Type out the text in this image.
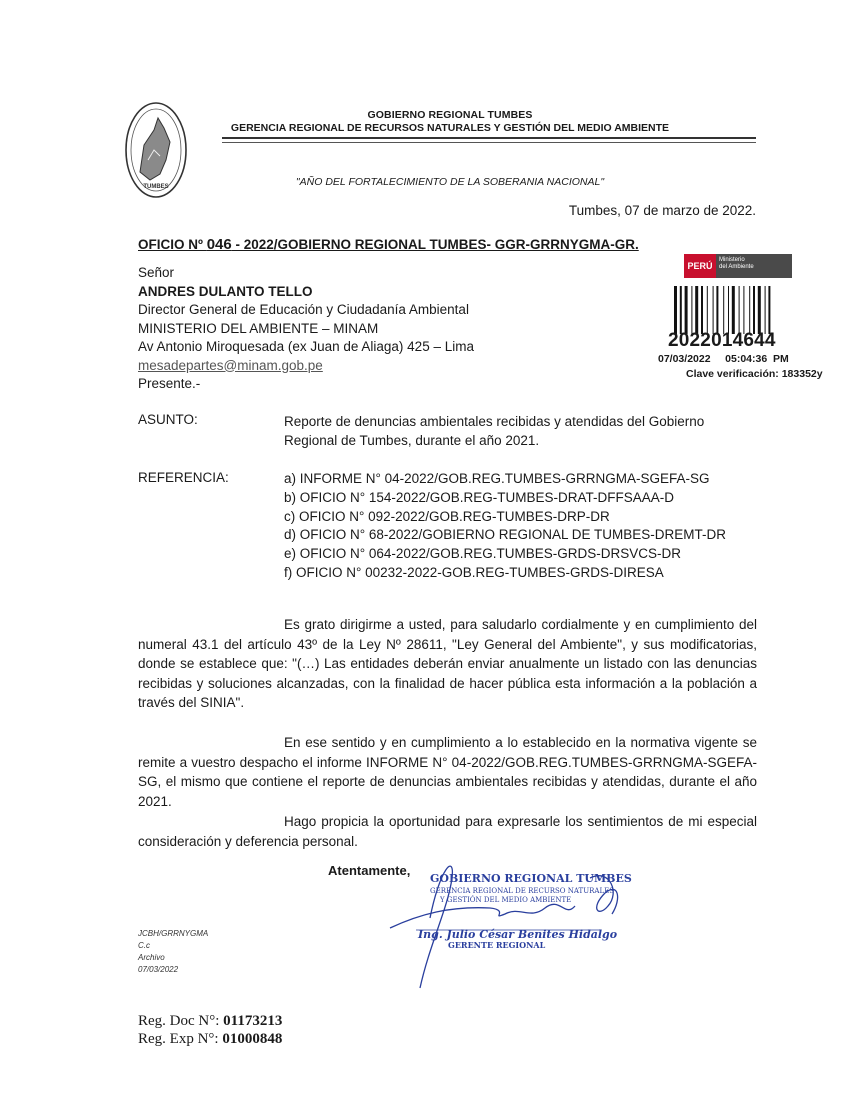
TUMBES
GOBIERNO REGIONAL TUMBES
GERENCIA REGIONAL DE RECURSOS NATURALES Y GESTIÓN DEL MEDIO AMBIENTE
"AÑO DEL FORTALECIMIENTO DE LA SOBERANIA NACIONAL"
Tumbes, 07 de marzo de 2022.
OFICIO Nº 046 - 2022/GOBIERNO REGIONAL TUMBES- GGR-GRRNYGMA-GR.
Señor
ANDRES DULANTO TELLO
Director General de Educación y Ciudadanía Ambiental
MINISTERIO DEL AMBIENTE – MINAM
Av Antonio Miroquesada (ex Juan de Aliaga) 425 – Lima
mesadepartes@minam.gob.pe
Presente.-
PERÚ
Ministerio
del Ambiente
2022014644
07/03/2022     05:04:36  PM
Clave verificación: 183352y
ASUNTO:	Reporte de denuncias ambientales recibidas y atendidas del Gobierno Regional de Tumbes, durante el año 2021.
REFERENCIA:	a) INFORME N° 04-2022/GOB.REG.TUMBES-GRRNGMA-SGEFA-SG
b) OFICIO N° 154-2022/GOB.REG-TUMBES-DRAT-DFFSAAA-D
c) OFICIO N° 092-2022/GOB.REG-TUMBES-DRP-DR
d) OFICIO N° 68-2022/GOBIERNO REGIONAL DE TUMBES-DREMT-DR
e) OFICIO N° 064-2022/GOB.REG.TUMBES-GRDS-DRSVCS-DR
f) OFICIO N° 00232-2022-GOB.REG-TUMBES-GRDS-DIRESA
Es grato dirigirme a usted, para saludarlo cordialmente y en cumplimiento del numeral 43.1 del artículo 43º de la Ley Nº 28611, "Ley General del Ambiente", y sus modificatorias, donde se establece que: "(…) Las entidades deberán enviar anualmente un listado con las denuncias recibidas y soluciones alcanzadas, con la finalidad de hacer pública esta información a la población a través del SINIA".
En ese sentido y en cumplimiento a lo establecido en la normativa vigente se remite a vuestro despacho el informe INFORME N° 04-2022/GOB.REG.TUMBES-GRRNGMA-SGEFA-SG, el mismo que contiene el reporte de denuncias ambientales recibidas y atendidas, durante el año 2021.
Hago propicia la oportunidad para expresarle los sentimientos de mi especial consideración y deferencia personal.
Atentamente,
GOBIERNO REGIONAL TUMBES
GERENCIA REGIONAL DE RECURSO NATURALES
Y GESTIÓN DEL MEDIO AMBIENTE
Ing. Julio César Benites Hidalgo
GERENTE REGIONAL
JCBH/GRRNYGMA
C.c
Archivo
07/03/2022
Reg. Doc N°: 01173213
Reg. Exp N°: 01000848
